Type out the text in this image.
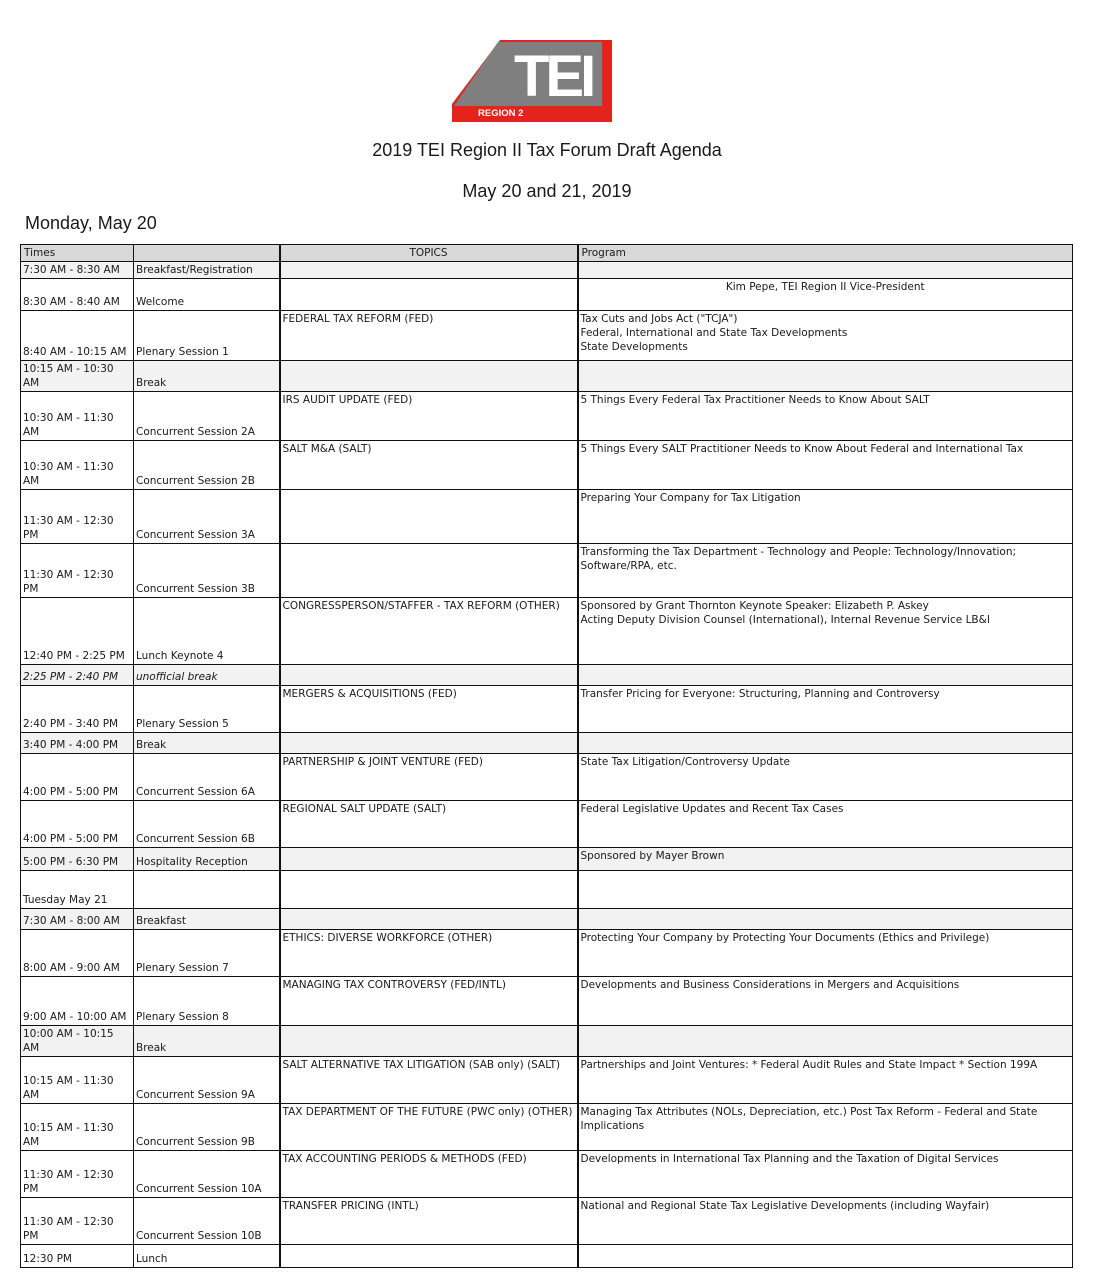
TEI
REGION 2
2019 TEI Region II Tax Forum Draft Agenda
May 20 and 21, 2019
Monday, May 20
Times		TOPICS	Program
7:30 AM - 8:30 AM	Breakfast/Registration		
8:30 AM - 8:40 AM	Welcome		Kim Pepe, TEI Region II Vice-President

8:40 AM - 10:15 AM	Plenary Session 1	FEDERAL TAX REFORM (FED)	Tax Cuts and Jobs Act ("TCJA")
Federal, International and State Tax Developments
State Developments

10:15 AM - 10:30 AM	Break		
10:30 AM - 11:30 AM	Concurrent Session 2A	IRS AUDIT UPDATE (FED)	5 Things Every Federal Tax Practitioner Needs to Know About SALT

10:30 AM - 11:30 AM	Concurrent Session 2B	SALT M&A (SALT)	5 Things Every SALT Practitioner Needs to Know About Federal and International Tax

11:30 AM - 12:30 PM	Concurrent Session 3A		Preparing Your Company for Tax Litigation

11:30 AM - 12:30 PM	Concurrent Session 3B		Transforming the Tax Department - Technology and People: Technology/Innovation; Software/RPA, etc.

12:40 PM - 2:25 PM	Lunch Keynote 4	CONGRESSPERSON/STAFFER - TAX REFORM (OTHER)	Sponsored by Grant Thornton Keynote Speaker: Elizabeth P. Askey
Acting Deputy Division Counsel (International), Internal Revenue Service LB&I

2:25 PM - 2:40 PM	unofficial break		
2:40 PM - 3:40 PM	Plenary Session 5	MERGERS & ACQUISITIONS (FED)	Transfer Pricing for Everyone: Structuring, Planning and Controversy

3:40 PM - 4:00 PM	Break		
4:00 PM - 5:00 PM	Concurrent Session 6A	PARTNERSHIP & JOINT VENTURE (FED)	State Tax Litigation/Controversy Update

4:00 PM - 5:00 PM	Concurrent Session 6B	REGIONAL SALT UPDATE (SALT)	Federal Legislative Updates and Recent Tax Cases

5:00 PM - 6:30 PM	Hospitality Reception		Sponsored by Mayer Brown

Tuesday May 21			
7:30 AM - 8:00 AM	Breakfast		
8:00 AM - 9:00 AM	Plenary Session 7	ETHICS: DIVERSE WORKFORCE (OTHER)	Protecting Your Company by Protecting Your Documents (Ethics and Privilege)

9:00 AM - 10:00 AM	Plenary Session 8	MANAGING TAX CONTROVERSY (FED/INTL)	Developments and Business Considerations in Mergers and Acquisitions

10:00 AM - 10:15 AM	Break		
10:15 AM - 11:30 AM	Concurrent Session 9A	SALT ALTERNATIVE TAX LITIGATION (SAB only) (SALT)	Partnerships and Joint Ventures: * Federal Audit Rules and State Impact * Section 199A

10:15 AM - 11:30 AM	Concurrent Session 9B	TAX DEPARTMENT OF THE FUTURE (PWC only) (OTHER)	Managing Tax Attributes (NOLs, Depreciation, etc.) Post Tax Reform - Federal and State Implications

11:30 AM - 12:30 PM	Concurrent Session 10A	TAX ACCOUNTING PERIODS & METHODS (FED)	Developments in International Tax Planning and the Taxation of Digital Services

11:30 AM - 12:30 PM	Concurrent Session 10B	TRANSFER PRICING (INTL)	National and Regional State Tax Legislative Developments (including Wayfair)

12:30 PM	Lunch		
